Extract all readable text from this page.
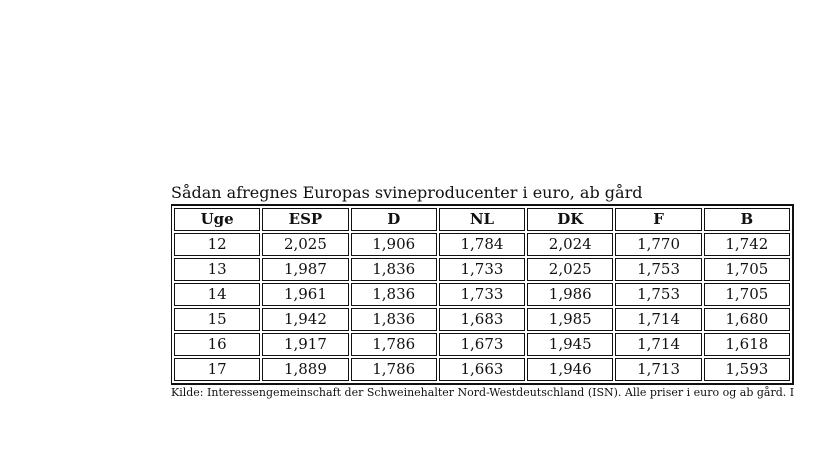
Sådan afregnes Europas svineproducenter i euro, ab gård
Uge	ESP	D	NL	DK	F	B
12	2,025	1,906	1,784	2,024	1,770	1,742
13	1,987	1,836	1,733	2,025	1,753	1,705
14	1,961	1,836	1,733	1,986	1,753	1,705
15	1,942	1,836	1,683	1,985	1,714	1,680
16	1,917	1,786	1,673	1,945	1,714	1,618
17	1,889	1,786	1,663	1,946	1,713	1,593
Kilde: Interessengemeinschaft der Schweinehalter Nord-Westdeutschland (ISN). Alle priser i euro og ab gård. I
